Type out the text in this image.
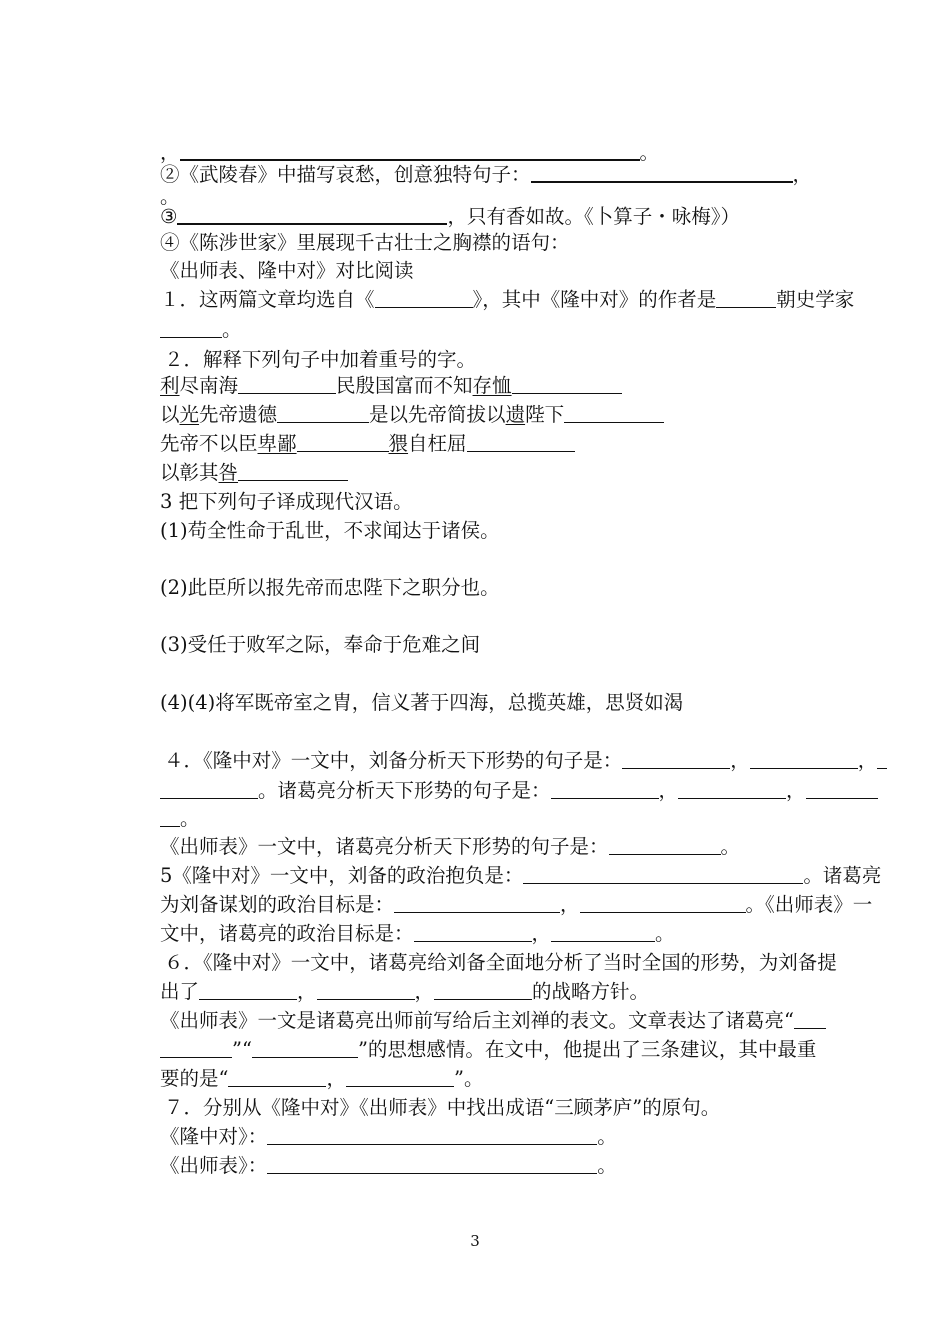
，	。
②《武陵春》中描写哀愁，创意独特句子：	，
。
③	，只有香如故。《卜算子・咏梅》）
④《陈涉世家》里展现千古壮士之胸襟的语句：
《出师表、隆中对》对比阅读
１．这两篇文章均选自《	》，其中《隆中对》的作者是	朝史学家
。
２．解释下列句子中加着重号的字。
利尽南海	民殷国富而不知存恤
以光先帝遗德	是以先帝简拔以遗陛下
先帝不以臣卑鄙	猥自枉屈
以彰其咎
3 把下列句子译成现代汉语。
(1)苟全性命于乱世，不求闻达于诸侯。
(2)此臣所以报先帝而忠陛下之职分也。
(3)受任于败军之际，奉命于危难之间
(4)(4)将军既帝室之胄，信义著于四海，总揽英雄，思贤如渴
４．《隆中对》一文中，刘备分析天下形势的句子是：	，	，
。诸葛亮分析天下形势的句子是：	，	，
。
《出师表》一文中，诸葛亮分析天下形势的句子是：	。
5《隆中对》一文中，刘备的政治抱负是：	。诸葛亮
为刘备谋划的政治目标是：	，	。《出师表》一
文中，诸葛亮的政治目标是：	，	。
６．《隆中对》一文中，诸葛亮给刘备全面地分析了当时全国的形势，为刘备提
出了	，	，	的战略方针。
《出师表》一文是诸葛亮出师前写给后主刘禅的表文。文章表达了诸葛亮“
”“	”的思想感情。在文中，他提出了三条建议，其中最重
要的是“	，	”。
７．分别从《隆中对》《出师表》中找出成语“三顾茅庐”的原句。
《隆中对》：	。
《出师表》：	。
3
